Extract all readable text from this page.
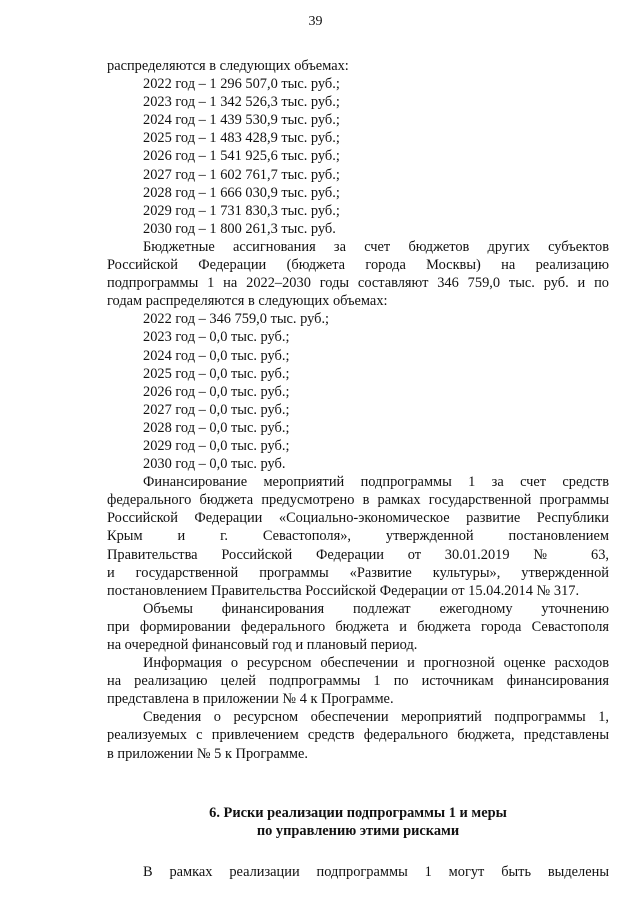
39
распределяются в следующих объемах:
2022 год – 1 296 507,0 тыс. руб.;
2023 год – 1 342 526,3 тыс. руб.;
2024 год – 1 439 530,9 тыс. руб.;
2025 год – 1 483 428,9 тыс. руб.;
2026 год – 1 541 925,6 тыс. руб.;
2027 год – 1 602 761,7 тыс. руб.;
2028 год – 1 666 030,9 тыс. руб.;
2029 год – 1 731 830,3 тыс. руб.;
2030 год – 1 800 261,3 тыс. руб.
Бюджетные ассигнования за счет бюджетов других субъектов
Российской Федерации (бюджета города Москвы) на реализацию
подпрограммы 1 на 2022–2030 годы составляют 346 759,0 тыс. руб. и по
годам распределяются в следующих объемах:
2022 год – 346 759,0 тыс. руб.;
2023 год – 0,0 тыс. руб.;
2024 год – 0,0 тыс. руб.;
2025 год – 0,0 тыс. руб.;
2026 год – 0,0 тыс. руб.;
2027 год – 0,0 тыс. руб.;
2028 год – 0,0 тыс. руб.;
2029 год – 0,0 тыс. руб.;
2030 год – 0,0 тыс. руб.
Финансирование мероприятий подпрограммы 1 за счет средств
федерального бюджета предусмотрено в рамках государственной программы
Российской Федерации «Социально-экономическое развитие Республики
Крым и г. Севастополя», утвержденной постановлением
Правительства Российской Федерации от 30.01.2019 № 63,
и государственной программы «Развитие культуры», утвержденной
постановлением Правительства Российской Федерации от 15.04.2014 № 317.
Объемы финансирования подлежат ежегодному уточнению
при формировании федерального бюджета и бюджета города Севастополя
на очередной финансовый год и плановый период.
Информация о ресурсном обеспечении и прогнозной оценке расходов
на реализацию целей подпрограммы 1 по источникам финансирования
представлена в приложении № 4 к Программе.
Сведения о ресурсном обеспечении мероприятий подпрограммы 1,
реализуемых с привлечением средств федерального бюджета, представлены
в приложении № 5 к Программе.
6. Риски реализации подпрограммы 1 и меры
по управлению этими рисками
В рамках реализации подпрограммы 1 могут быть выделены
